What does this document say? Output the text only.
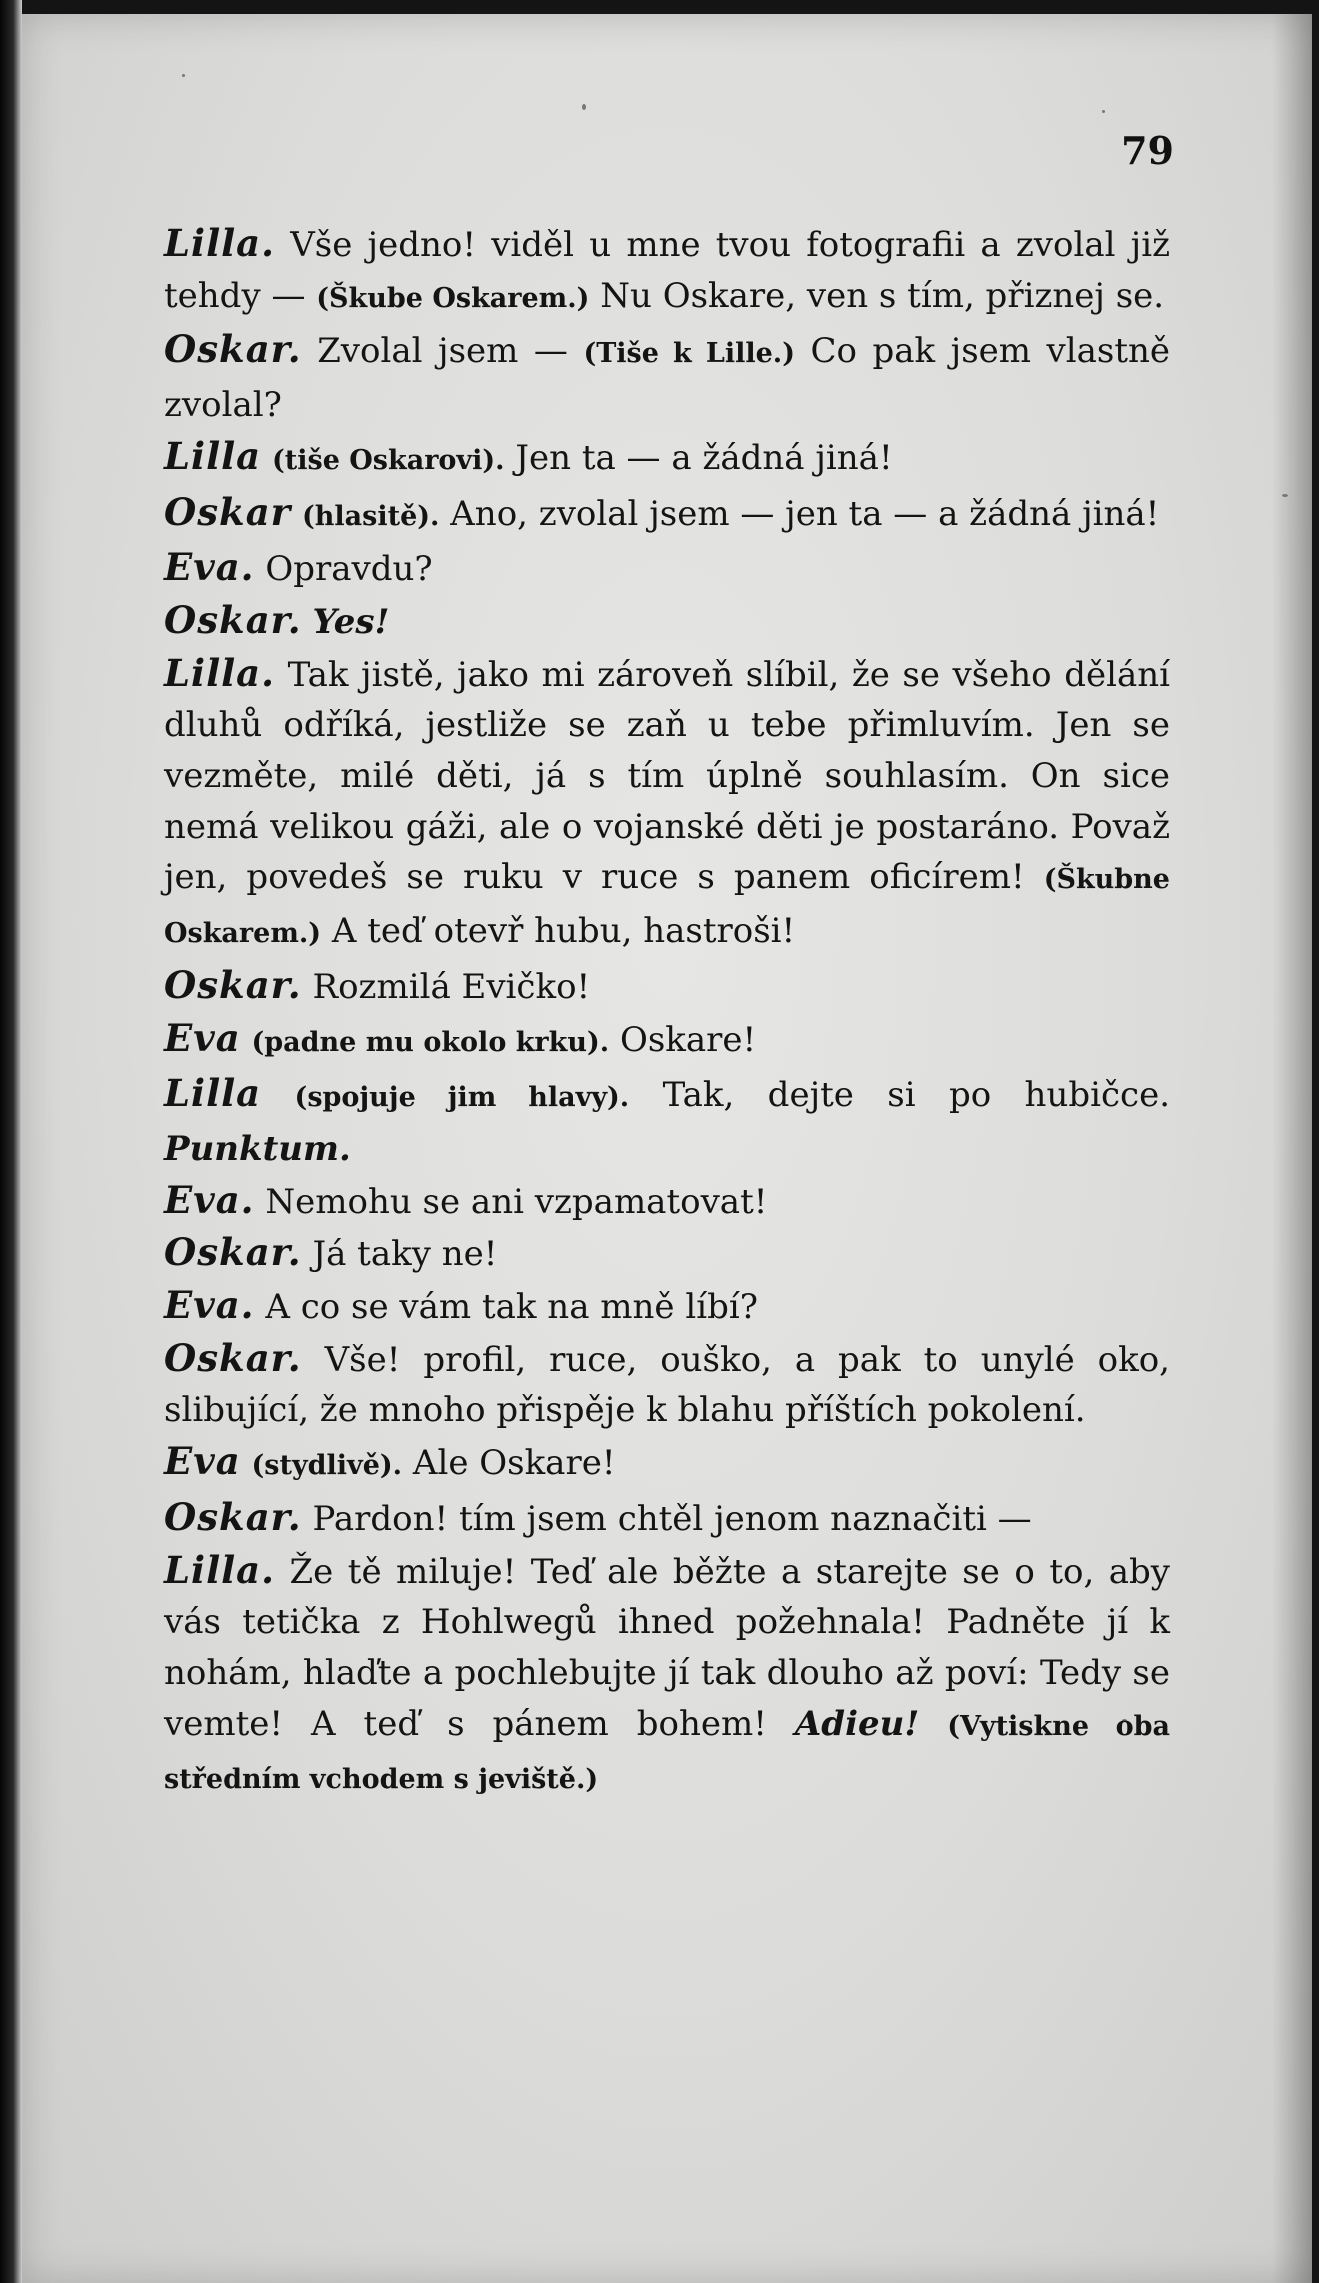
79

Lilla. Vše jedno! viděl u mne tvou fotografii a zvolal již tehdy — (Škube Oskarem.) Nu Oskare, ven s tím, přiznej se.

Oskar. Zvolal jsem — (Tiše k Lille.) Co pak jsem vlastně zvolal?

Lilla (tiše Oskarovi). Jen ta — a žádná jiná!

Oskar (hlasitě). Ano, zvolal jsem — jen ta — a žádná jiná!

Eva. Opravdu?

Oskar. Yes!

Lilla. Tak jistě, jako mi zároveň slíbil, že se všeho dělání dluhů odříká, jestliže se zaň u tebe přimluvím. Jen se vezměte, milé děti, já s tím úplně souhlasím. On sice nemá velikou gáži, ale o vojanské děti je postaráno. Považ jen, povedeš se ruku v ruce s panem oficírem! (Škubne Oskarem.) A teď otevř hubu, hastroši!

Oskar. Rozmilá Evičko!

Eva (padne mu okolo krku). Oskare!

Lilla (spojuje jim hlavy). Tak, dejte si po hubičce. Punktum.

Eva. Nemohu se ani vzpamatovat!

Oskar. Já taky ne!

Eva. A co se vám tak na mně líbí?

Oskar. Vše! profil, ruce, ouško, a pak to unylé oko, slibující, že mnoho přispěje k blahu příštích pokolení.

Eva (stydlivě). Ale Oskare!

Oskar. Pardon! tím jsem chtěl jenom naznačiti —

Lilla. Že tě miluje! Teď ale běžte a starejte se o to, aby vás tetička z Hohlwegů ihned požehnala! Padněte jí k nohám, hlaďte a pochlebujte jí tak dlouho až poví: Tedy se vemte! A teď s pánem bohem! Adieu! (Vytiskne oba středním vchodem s jeviště.)
